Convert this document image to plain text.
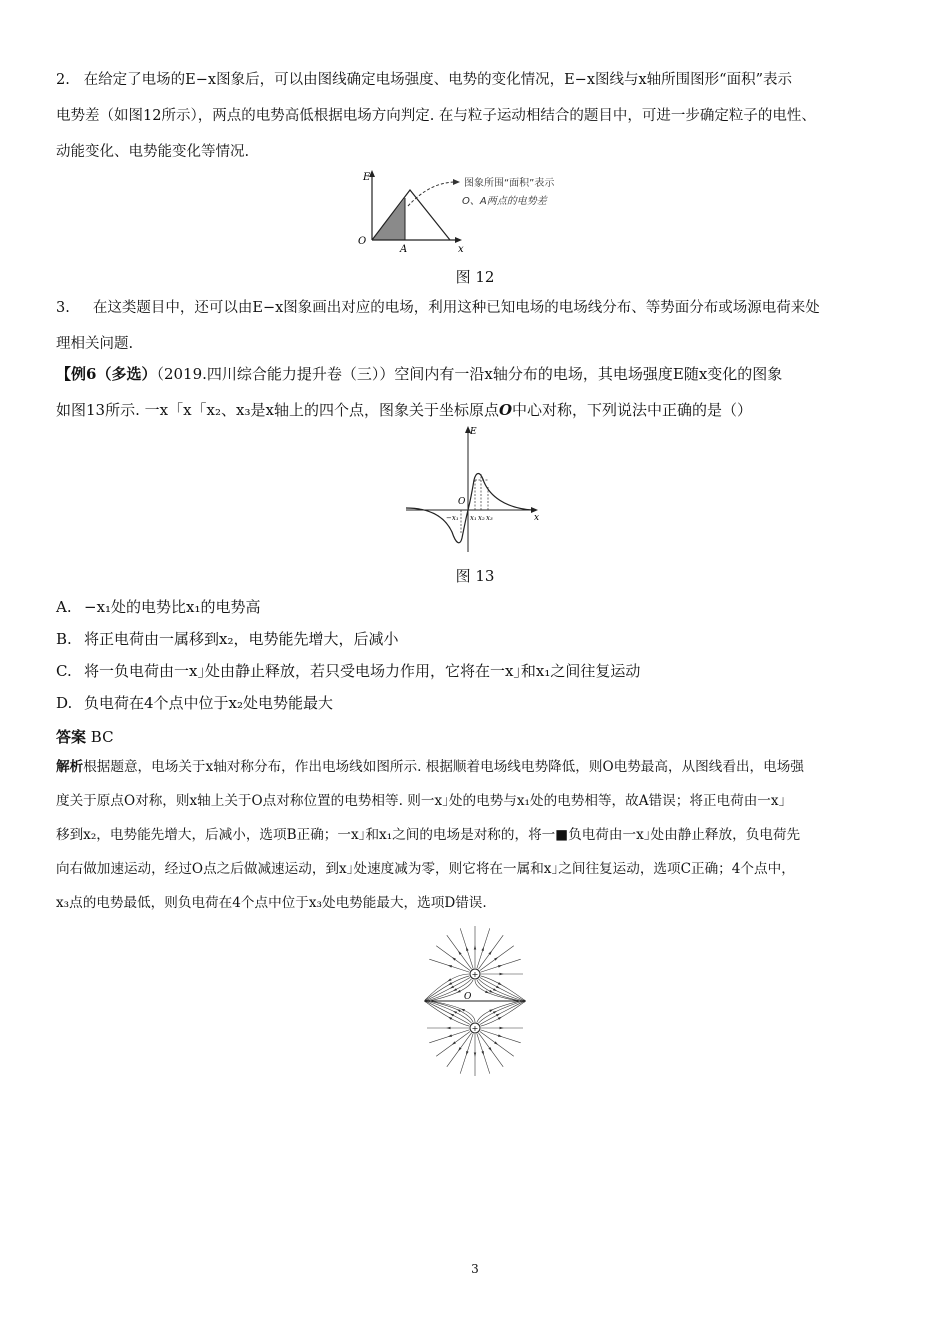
2. 在给定了电场的E−x图象后，可以由图线确定电场强度、电势的变化情况，E−x图线与x轴所围图形“面积”表示
电势差（如图12所示），两点的电势高低根据电场方向判定. 在与粒子运动相结合的题目中，可进一步确定粒子的电性、
动能变化、电势能变化等情况.
E
x
O
A
图象所围“面积”表示
O、A两点的电势差
图 12
3. 在这类题目中，还可以由E−x图象画出对应的电场，利用这种已知电场的电场线分布、等势面分布或场源电荷来处
理相关问题.
【例6（多选）（2019.四川综合能力提升卷（三））空间内有一沿x轴分布的电场，其电场强度E随x变化的图象
如图13所示. 一x「x「x₂、x₃是x轴上的四个点，图象关于坐标原点O中心对称，下列说法中正确的是（）
E
x
O
−x₁ x₁ x₂ x₃
图 13
A. −x₁处的电势比x₁的电势高
B. 将正电荷由一属移到x₂，电势能先增大，后减小
C. 将一负电荷由一x｣处由静止释放，若只受电场力作用，它将在一x｣和x₁之间往复运动
D. 负电荷在4个点中位于x₂处电势能最大
答案 BC
解析根据题意，电场关于x轴对称分布，作出电场线如图所示. 根据顺着电场线电势降低，则O电势最高，从图线看出，电场强
度关于原点O对称，则x轴上关于O点对称位置的电势相等. 则一x｣处的电势与x₁处的电势相等，故A错误；将正电荷由一x｣
移到x₂，电势能先增大，后减小，选项B正确；一x｣和x₁之间的电场是对称的，将一■负电荷由一x｣处由静止释放，负电荷先
向右做加速运动，经过O点之后做减速运动，到x｣处速度减为零，则它将在一属和x｣之间往复运动，选项C正确；4个点中，
x₃点的电势最低，则负电荷在4个点中位于x₃处电势能最大，选项D错误.
+
+
O
3
